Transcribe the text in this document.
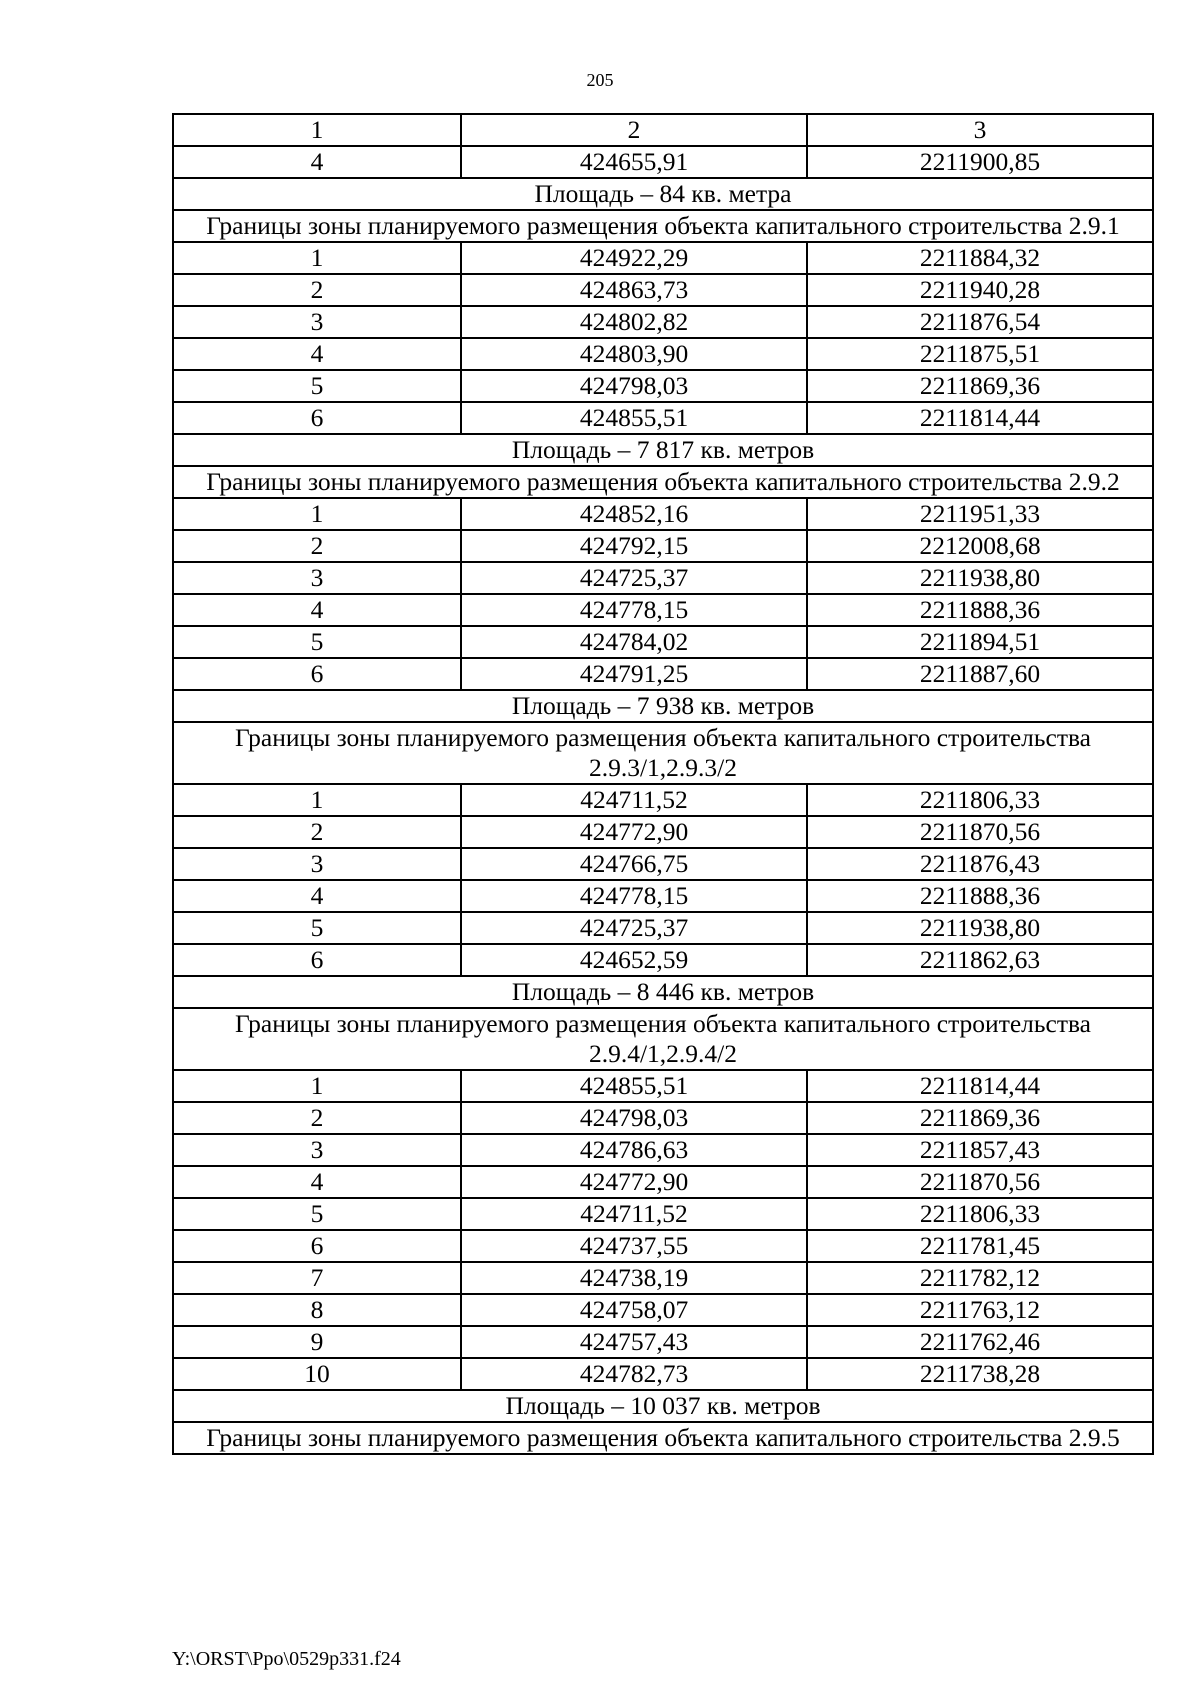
205
1	2	3
4	424655,91	2211900,85
Площадь – 84 кв. метра		
Границы зоны планируемого размещения объекта капитального строительства 2.9.1		
1	424922,29	2211884,32
2	424863,73	2211940,28
3	424802,82	2211876,54
4	424803,90	2211875,51
5	424798,03	2211869,36
6	424855,51	2211814,44
Площадь – 7 817 кв. метров		
Границы зоны планируемого размещения объекта капитального строительства 2.9.2		
1	424852,16	2211951,33
2	424792,15	2212008,68
3	424725,37	2211938,80
4	424778,15	2211888,36
5	424784,02	2211894,51
6	424791,25	2211887,60
Площадь – 7 938 кв. метров		
Границы зоны планируемого размещения объекта капитального строительства 2.9.3/1,2.9.3/2		
1	424711,52	2211806,33
2	424772,90	2211870,56
3	424766,75	2211876,43
4	424778,15	2211888,36
5	424725,37	2211938,80
6	424652,59	2211862,63
Площадь – 8 446 кв. метров		
Границы зоны планируемого размещения объекта капитального строительства 2.9.4/1,2.9.4/2		
1	424855,51	2211814,44
2	424798,03	2211869,36
3	424786,63	2211857,43
4	424772,90	2211870,56
5	424711,52	2211806,33
6	424737,55	2211781,45
7	424738,19	2211782,12
8	424758,07	2211763,12
9	424757,43	2211762,46
10	424782,73	2211738,28
Площадь – 10 037 кв. метров		
Границы зоны планируемого размещения объекта капитального строительства 2.9.5		
Y:\ORST\Ppo\0529p331.f24
